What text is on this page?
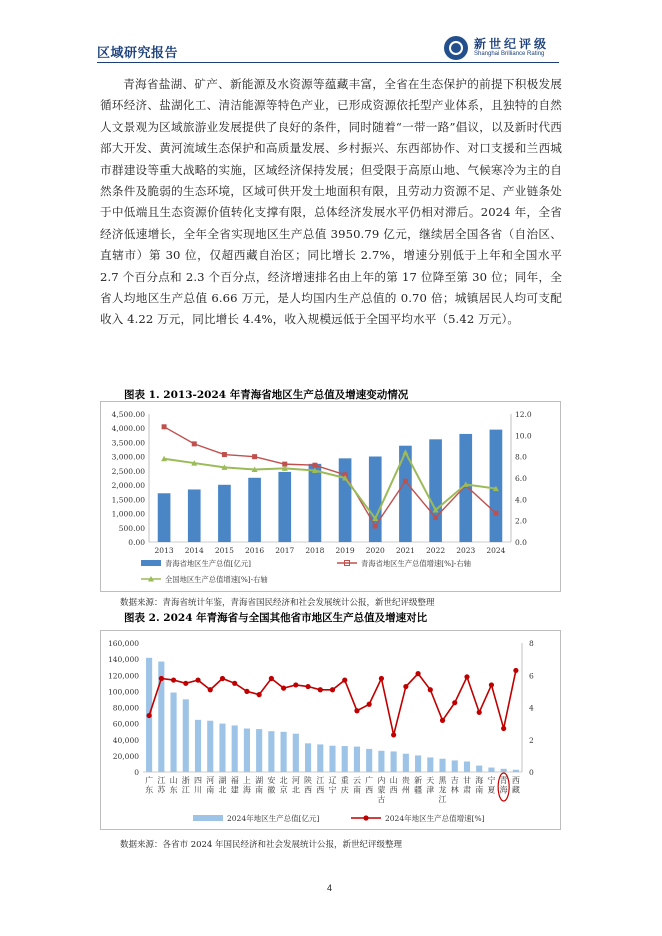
区域研究报告
新世纪评级
Shanghai Brilliance Rating

青海省盐湖、矿产、新能源及水资源等蕴藏丰富，全省在生态保护的前提下积极发展循环经济、盐湖化工、清洁能源等特色产业，已形成资源依托型产业体系，且独特的自然人文景观为区域旅游业发展提供了良好的条件，同时随着“一带一路”倡议，以及新时代西部大开发、黄河流域生态保护和高质量发展、乡村振兴、东西部协作、对口支援和兰西城市群建设等重大战略的实施，区域经济保持发展；但受限于高原山地、气候寒冷为主的自然条件及脆弱的生态环境，区域可供开发土地面积有限，且劳动力资源不足、产业链条处于中低端且生态资源价值转化支撑有限，总体经济发展水平仍相对滞后。2024 年，全省经济低速增长，全年全省实现地区生产总值 3950.79 亿元，继续居全国各省（自治区、直辖市）第 30 位，仅超西藏自治区；同比增长 2.7%，增速分别低于上年和全国水平 2.7 个百分点和 2.3 个百分点，经济增速排名由上年的第 17 位降至第 30 位；同年，全省人均地区生产总值 6.66 万元，是人均国内生产总值的 0.70 倍；城镇居民人均可支配收入 4.22 万元，同比增长 4.4%，收入规模远低于全国平均水平（5.42 万元）。

图表 1. 2013-2024 年青海省地区生产总值及增速变动情况
0.00
500.00
1,000.00
1,500.00
2,000.00
2,500.00
3,000.00
3,500.00
4,000.00
4,500.00
0.0
2.0
4.0
6.0
8.0
10.0
12.0
2013 2014 2015 2016 2017 2018 2019 2020 2021 2022 2023 2024
青海省地区生产总值[亿元]	青海省地区生产总值增速[%]-右轴
全国地区生产总值增速[%]-右轴
数据来源：青海省统计年鉴，青海省国民经济和社会发展统计公报，新世纪评级整理
图表 2. 2024 年青海省与全国其他省市地区生产总值及增速对比
0
20,000
40,000
60,000
80,000
100,000
120,000
140,000
160,000
0
2
4
6
8
广
东
江
苏
山
东
浙
江
四
川
河
南
湖
北
福
建
上
海
湖
南
安
徽
北
京
河
北
陕
西
江
西
辽
宁
重
庆
云
南
广
西
内
蒙
古
山
西
贵
州
新
疆
天
津
黑
龙
江
吉
林
甘
肃
海
南
宁
夏
青
海
西
藏
2024年地区生产总值[亿元]	2024年地区生产总值增速[%]
数据来源：各省市 2024 年国民经济和社会发展统计公报，新世纪评级整理
4
